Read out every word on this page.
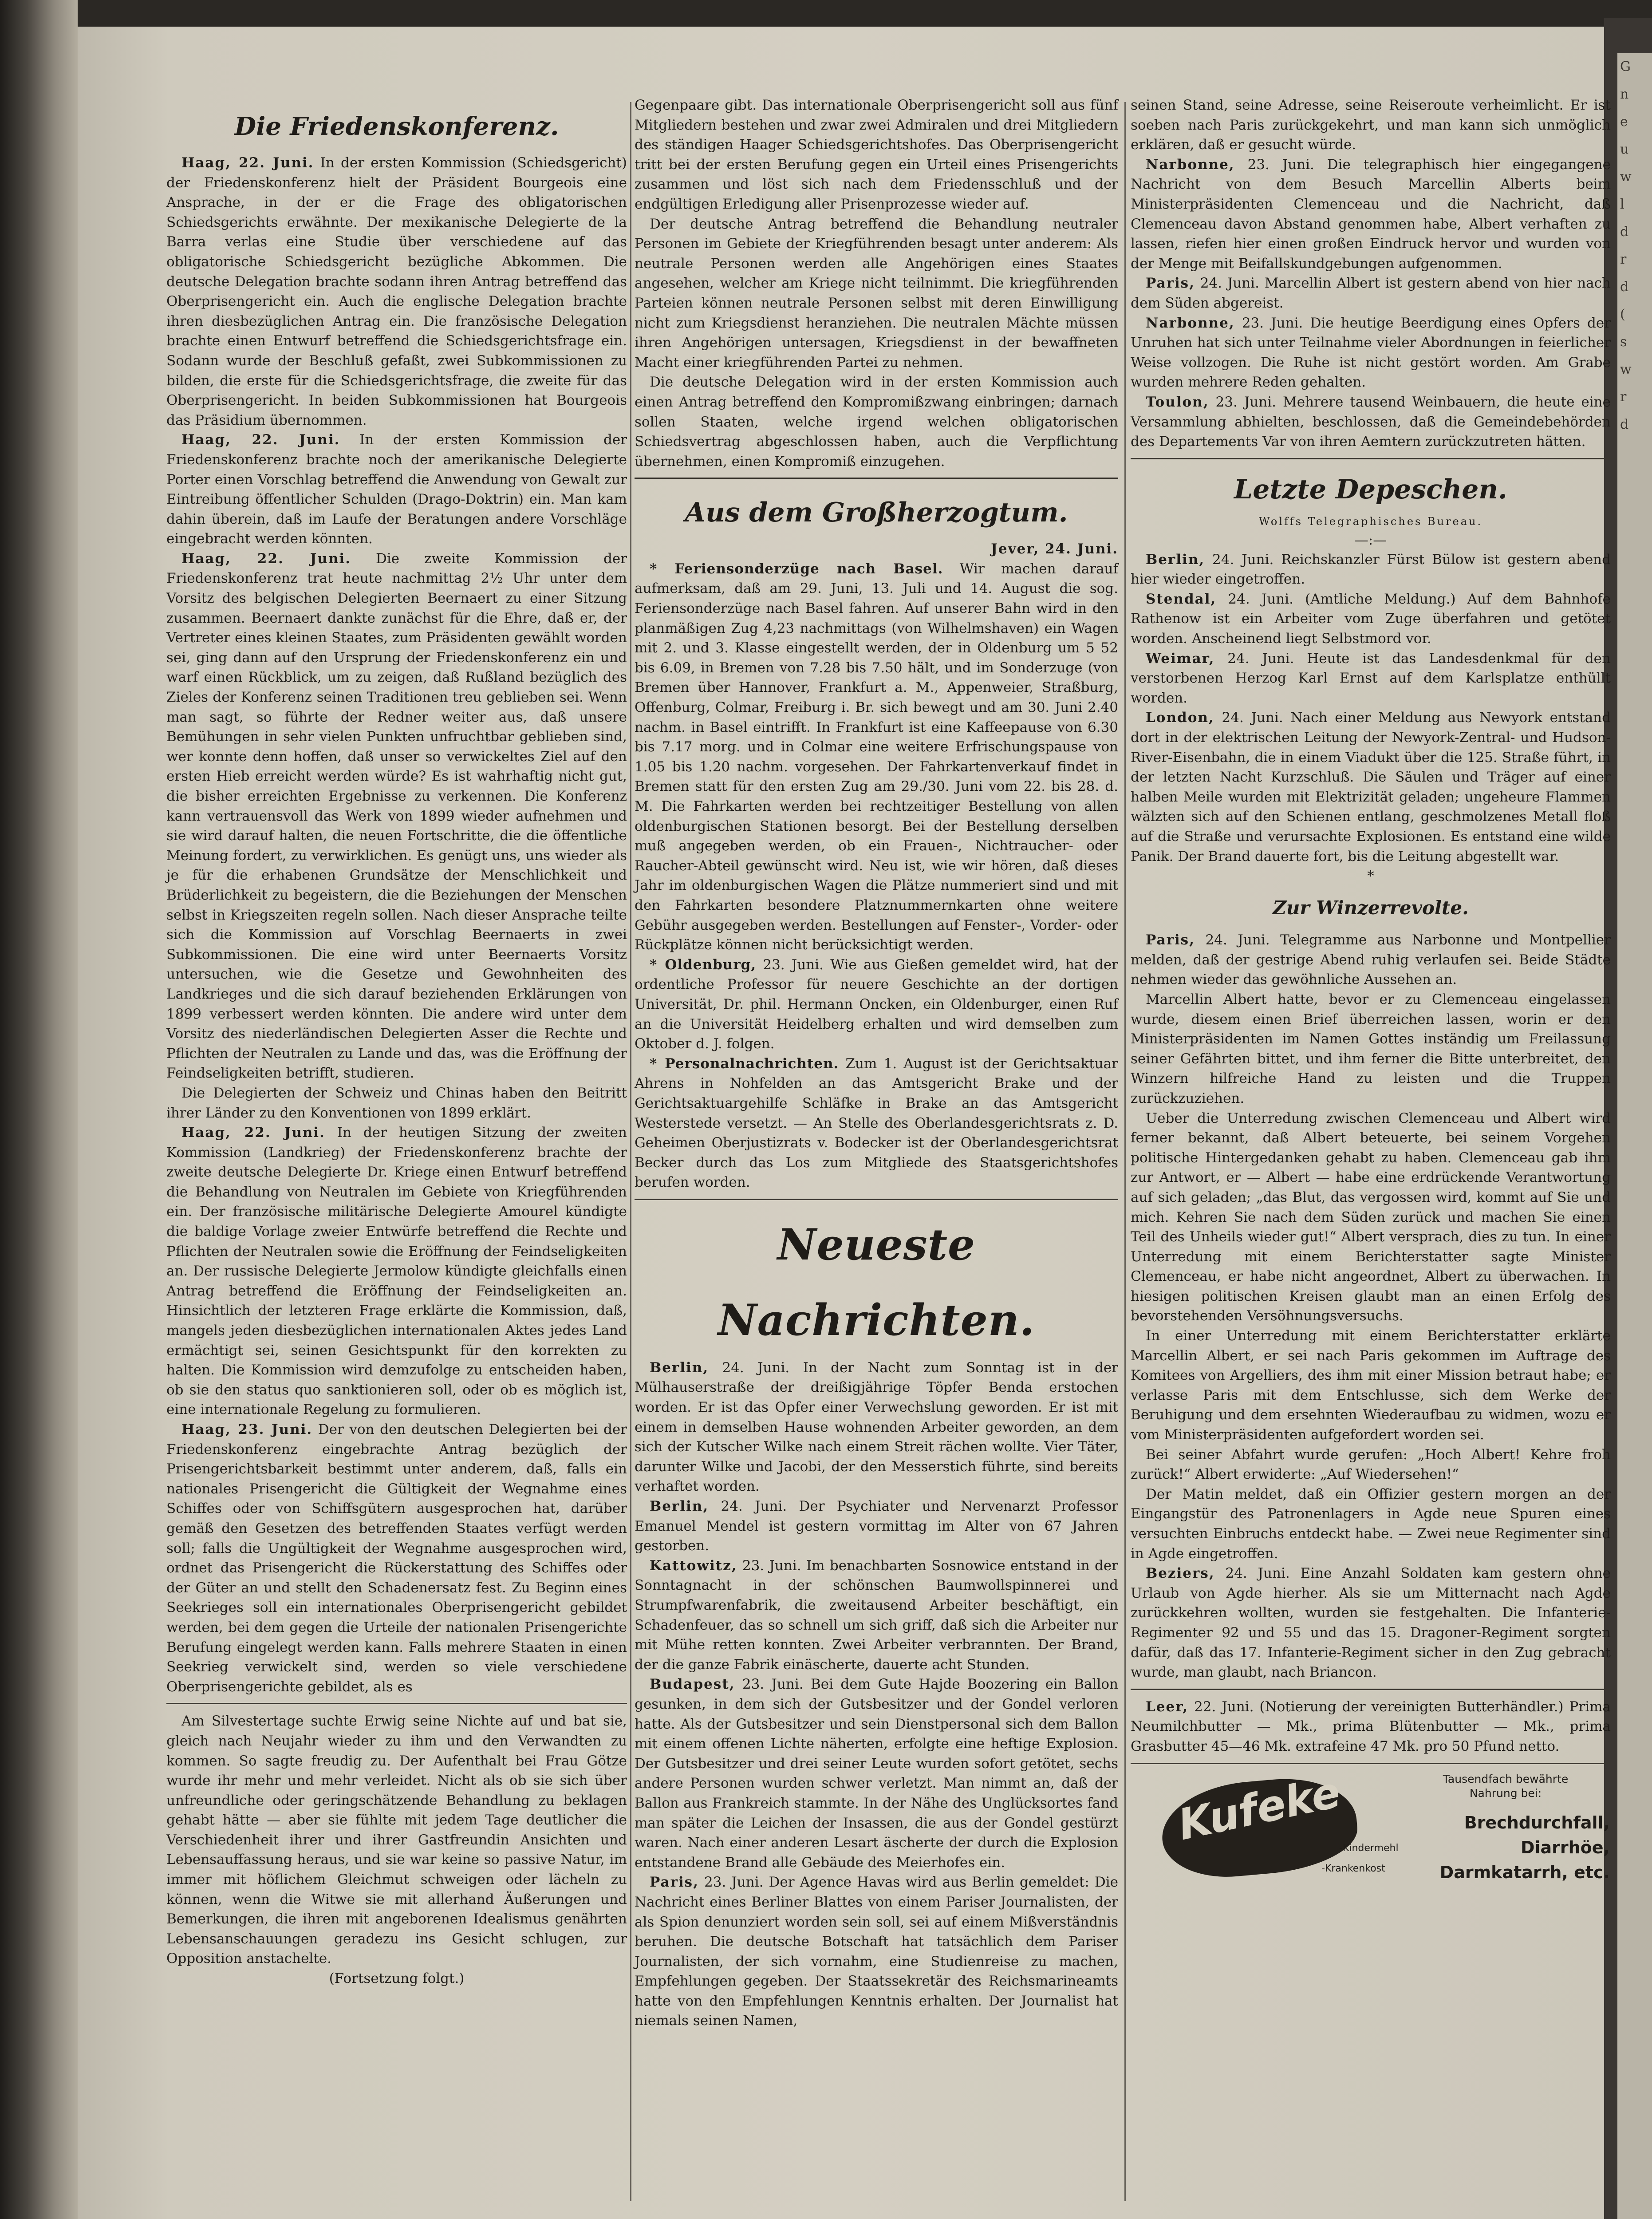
G
n
e
u
w
l
d
r
d
(
s
w
r
d
Die Friedenskonferenz.

Haag, 22. Juni. In der ersten Kommission (Schiedsgericht) der Friedenskonferenz hielt der Präsident Bourgeois eine Ansprache, in der er die Frage des obligatorischen Schiedsgerichts erwähnte. Der mexikanische Delegierte de la Barra verlas eine Studie über verschiedene auf das obligatorische Schiedsgericht bezügliche Abkommen. Die deutsche Delegation brachte sodann ihren Antrag betreffend das Oberprisengericht ein. Auch die englische Delegation brachte ihren diesbezüglichen Antrag ein. Die französische Delegation brachte einen Entwurf betreffend die Schiedsgerichtsfrage ein. Sodann wurde der Beschluß gefaßt, zwei Subkommissionen zu bilden, die erste für die Schiedsgerichtsfrage, die zweite für das Oberprisengericht. In beiden Subkommissionen hat Bourgeois das Präsidium übernommen.

Haag, 22. Juni. In der ersten Kommission der Friedenskonferenz brachte noch der amerikanische Delegierte Porter einen Vorschlag betreffend die Anwendung von Gewalt zur Eintreibung öffentlicher Schulden (Drago-Doktrin) ein. Man kam dahin überein, daß im Laufe der Beratungen andere Vorschläge eingebracht werden könnten.

Haag, 22. Juni. Die zweite Kommission der Friedenskonferenz trat heute nachmittag 2½ Uhr unter dem Vorsitz des belgischen Delegierten Beernaert zu einer Sitzung zusammen. Beernaert dankte zunächst für die Ehre, daß er, der Vertreter eines kleinen Staates, zum Präsidenten gewählt worden sei, ging dann auf den Ursprung der Friedenskonferenz ein und warf einen Rückblick, um zu zeigen, daß Rußland bezüglich des Zieles der Konferenz seinen Traditionen treu geblieben sei. Wenn man sagt, so führte der Redner weiter aus, daß unsere Bemühungen in sehr vielen Punkten unfruchtbar geblieben sind, wer konnte denn hoffen, daß unser so verwickeltes Ziel auf den ersten Hieb erreicht werden würde? Es ist wahrhaftig nicht gut, die bisher erreichten Ergebnisse zu verkennen. Die Konferenz kann vertrauensvoll das Werk von 1899 wieder aufnehmen und sie wird darauf halten, die neuen Fortschritte, die die öffentliche Meinung fordert, zu verwirklichen. Es genügt uns, uns wieder als je für die erhabenen Grundsätze der Menschlichkeit und Brüderlichkeit zu begeistern, die die Beziehungen der Menschen selbst in Kriegszeiten regeln sollen. Nach dieser Ansprache teilte sich die Kommission auf Vorschlag Beernaerts in zwei Subkommissionen. Die eine wird unter Beernaerts Vorsitz untersuchen, wie die Gesetze und Gewohnheiten des Landkrieges und die sich darauf beziehenden Erklärungen von 1899 verbessert werden könnten. Die andere wird unter dem Vorsitz des niederländischen Delegierten Asser die Rechte und Pflichten der Neutralen zu Lande und das, was die Eröffnung der Feindseligkeiten betrifft, studieren.

Die Delegierten der Schweiz und Chinas haben den Beitritt ihrer Länder zu den Konventionen von 1899 erklärt.

Haag, 22. Juni. In der heutigen Sitzung der zweiten Kommission (Landkrieg) der Friedenskonferenz brachte der zweite deutsche Delegierte Dr. Kriege einen Entwurf betreffend die Behandlung von Neutralen im Gebiete von Kriegführenden ein. Der französische militärische Delegierte Amourel kündigte die baldige Vorlage zweier Entwürfe betreffend die Rechte und Pflichten der Neutralen sowie die Eröffnung der Feindseligkeiten an. Der russische Delegierte Jermolow kündigte gleichfalls einen Antrag betreffend die Eröffnung der Feindseligkeiten an. Hinsichtlich der letzteren Frage erklärte die Kommission, daß, mangels jeden diesbezüglichen internationalen Aktes jedes Land ermächtigt sei, seinen Gesichtspunkt für den korrekten zu halten. Die Kommission wird demzufolge zu entscheiden haben, ob sie den status quo sanktionieren soll, oder ob es möglich ist, eine internationale Regelung zu formulieren.

Haag, 23. Juni. Der von den deutschen Delegierten bei der Friedenskonferenz eingebrachte Antrag bezüglich der Prisengerichtsbarkeit bestimmt unter anderem, daß, falls ein nationales Prisengericht die Gültigkeit der Wegnahme eines Schiffes oder von Schiffsgütern ausgesprochen hat, darüber gemäß den Gesetzen des betreffenden Staates verfügt werden soll; falls die Ungültigkeit der Wegnahme ausgesprochen wird, ordnet das Prisengericht die Rückerstattung des Schiffes oder der Güter an und stellt den Schadenersatz fest. Zu Beginn eines Seekrieges soll ein internationales Oberprisengericht gebildet werden, bei dem gegen die Urteile der nationalen Prisengerichte Berufung eingelegt werden kann. Falls mehrere Staaten in einen Seekrieg verwickelt sind, werden so viele verschiedene Oberprisengerichte gebildet, als es

Am Silvestertage suchte Erwig seine Nichte auf und bat sie, gleich nach Neujahr wieder zu ihm und den Verwandten zu kommen. So sagte freudig zu. Der Aufenthalt bei Frau Götze wurde ihr mehr und mehr verleidet. Nicht als ob sie sich über unfreundliche oder geringschätzende Behandlung zu beklagen gehabt hätte — aber sie fühlte mit jedem Tage deutlicher die Verschiedenheit ihrer und ihrer Gastfreundin Ansichten und Lebensauffassung heraus, und sie war keine so passive Natur, im immer mit höflichem Gleichmut schweigen oder lächeln zu können, wenn die Witwe sie mit allerhand Äußerungen und Bemerkungen, die ihren mit angeborenen Idealismus genährten Lebensanschauungen geradezu ins Gesicht schlugen, zur Opposition anstachelte.

(Fortsetzung folgt.)

Gegenpaare gibt. Das internationale Oberprisengericht soll aus fünf Mitgliedern bestehen und zwar zwei Admiralen und drei Mitgliedern des ständigen Haager Schiedsgerichtshofes. Das Oberprisengericht tritt bei der ersten Berufung gegen ein Urteil eines Prisengerichts zusammen und löst sich nach dem Friedensschluß und der endgültigen Erledigung aller Prisenprozesse wieder auf.

Der deutsche Antrag betreffend die Behandlung neutraler Personen im Gebiete der Kriegführenden besagt unter anderem: Als neutrale Personen werden alle Angehörigen eines Staates angesehen, welcher am Kriege nicht teilnimmt. Die kriegführenden Parteien können neutrale Personen selbst mit deren Einwilligung nicht zum Kriegsdienst heranziehen. Die neutralen Mächte müssen ihren Angehörigen untersagen, Kriegsdienst in der bewaffneten Macht einer kriegführenden Partei zu nehmen.

Die deutsche Delegation wird in der ersten Kommission auch einen Antrag betreffend den Kompromißzwang einbringen; darnach sollen Staaten, welche irgend welchen obligatorischen Schiedsvertrag abgeschlossen haben, auch die Verpflichtung übernehmen, einen Kompromiß einzugehen.

Aus dem Großherzogtum.
Jever, 24. Juni.

* Feriensonderzüge nach Basel. Wir machen darauf aufmerksam, daß am 29. Juni, 13. Juli und 14. August die sog. Feriensonderzüge nach Basel fahren. Auf unserer Bahn wird in den planmäßigen Zug 4,23 nachmittags (von Wilhelmshaven) ein Wagen mit 2. und 3. Klasse eingestellt werden, der in Oldenburg um 5 52 bis 6.09, in Bremen von 7.28 bis 7.50 hält, und im Sonderzuge (von Bremen über Hannover, Frankfurt a. M., Appenweier, Straßburg, Offenburg, Colmar, Freiburg i. Br. sich bewegt und am 30. Juni 2.40 nachm. in Basel eintrifft. In Frankfurt ist eine Kaffeepause von 6.30 bis 7.17 morg. und in Colmar eine weitere Erfrischungspause von 1.05 bis 1.20 nachm. vorgesehen. Der Fahrkartenverkauf findet in Bremen statt für den ersten Zug am 29./30. Juni vom 22. bis 28. d. M. Die Fahrkarten werden bei rechtzeitiger Bestellung von allen oldenburgischen Stationen besorgt. Bei der Bestellung derselben muß angegeben werden, ob ein Frauen-, Nichtraucher- oder Raucher-Abteil gewünscht wird. Neu ist, wie wir hören, daß dieses Jahr im oldenburgischen Wagen die Plätze nummeriert sind und mit den Fahrkarten besondere Platznummernkarten ohne weitere Gebühr ausgegeben werden. Bestellungen auf Fenster-, Vorder- oder Rückplätze können nicht berücksichtigt werden.

* Oldenburg, 23. Juni. Wie aus Gießen gemeldet wird, hat der ordentliche Professor für neuere Geschichte an der dortigen Universität, Dr. phil. Hermann Oncken, ein Oldenburger, einen Ruf an die Universität Heidelberg erhalten und wird demselben zum Oktober d. J. folgen.

* Personalnachrichten. Zum 1. August ist der Gerichtsaktuar Ahrens in Nohfelden an das Amtsgericht Brake und der Gerichtsaktuargehilfe Schläfke in Brake an das Amtsgericht Westerstede versetzt. — An Stelle des Oberlandesgerichtsrats z. D. Geheimen Oberjustizrats v. Bodecker ist der Oberlandesgerichtsrat Becker durch das Los zum Mitgliede des Staatsgerichtshofes berufen worden.

Neueste Nachrichten.

Berlin, 24. Juni. In der Nacht zum Sonntag ist in der Mülhauserstraße der dreißigjährige Töpfer Benda erstochen worden. Er ist das Opfer einer Verwechslung geworden. Er ist mit einem in demselben Hause wohnenden Arbeiter geworden, an dem sich der Kutscher Wilke nach einem Streit rächen wollte. Vier Täter, darunter Wilke und Jacobi, der den Messerstich führte, sind bereits verhaftet worden.

Berlin, 24. Juni. Der Psychiater und Nervenarzt Professor Emanuel Mendel ist gestern vormittag im Alter von 67 Jahren gestorben.

Kattowitz, 23. Juni. Im benachbarten Sosnowice entstand in der Sonntagnacht in der schönschen Baumwollspinnerei und Strumpfwarenfabrik, die zweitausend Arbeiter beschäftigt, ein Schadenfeuer, das so schnell um sich griff, daß sich die Arbeiter nur mit Mühe retten konnten. Zwei Arbeiter verbrannten. Der Brand, der die ganze Fabrik einäscherte, dauerte acht Stunden.

Budapest, 23. Juni. Bei dem Gute Hajde Boozering ein Ballon gesunken, in dem sich der Gutsbesitzer und der Gondel verloren hatte. Als der Gutsbesitzer und sein Dienstpersonal sich dem Ballon mit einem offenen Lichte näherten, erfolgte eine heftige Explosion. Der Gutsbesitzer und drei seiner Leute wurden sofort getötet, sechs andere Personen wurden schwer verletzt. Man nimmt an, daß der Ballon aus Frankreich stammte. In der Nähe des Unglücksortes fand man später die Leichen der Insassen, die aus der Gondel gestürzt waren. Nach einer anderen Lesart äscherte der durch die Explosion entstandene Brand alle Gebäude des Meierhofes ein.

Paris, 23. Juni. Der Agence Havas wird aus Berlin gemeldet: Die Nachricht eines Berliner Blattes von einem Pariser Journalisten, der als Spion denunziert worden sein soll, sei auf einem Mißverständnis beruhen. Die deutsche Botschaft hat tatsächlich dem Pariser Journalisten, der sich vornahm, eine Studienreise zu machen, Empfehlungen gegeben. Der Staatssekretär des Reichsmarineamts hatte von den Empfehlungen Kenntnis erhalten. Der Journalist hat niemals seinen Namen,

seinen Stand, seine Adresse, seine Reiseroute verheimlicht. Er ist soeben nach Paris zurückgekehrt, und man kann sich unmöglich erklären, daß er gesucht würde.

Narbonne, 23. Juni. Die telegraphisch hier eingegangene Nachricht von dem Besuch Marcellin Alberts beim Ministerpräsidenten Clemenceau und die Nachricht, daß Clemenceau davon Abstand genommen habe, Albert verhaften zu lassen, riefen hier einen großen Eindruck hervor und wurden von der Menge mit Beifallskundgebungen aufgenommen.

Paris, 24. Juni. Marcellin Albert ist gestern abend von hier nach dem Süden abgereist.

Narbonne, 23. Juni. Die heutige Beerdigung eines Opfers der Unruhen hat sich unter Teilnahme vieler Abordnungen in feierlicher Weise vollzogen. Die Ruhe ist nicht gestört worden. Am Grabe wurden mehrere Reden gehalten.

Toulon, 23. Juni. Mehrere tausend Weinbauern, die heute eine Versammlung abhielten, beschlossen, daß die Gemeindebehörden des Departements Var von ihren Aemtern zurückzutreten hätten.

Letzte Depeschen.
Wolffs Telegraphisches Bureau.
—:—

Berlin, 24. Juni. Reichskanzler Fürst Bülow ist gestern abend hier wieder eingetroffen.

Stendal, 24. Juni. (Amtliche Meldung.) Auf dem Bahnhofe Rathenow ist ein Arbeiter vom Zuge überfahren und getötet worden. Anscheinend liegt Selbstmord vor.

Weimar, 24. Juni. Heute ist das Landesdenkmal für den verstorbenen Herzog Karl Ernst auf dem Karlsplatze enthüllt worden.

London, 24. Juni. Nach einer Meldung aus Newyork entstand dort in der elektrischen Leitung der Newyork-Zentral- und Hudson-River-Eisenbahn, die in einem Viadukt über die 125. Straße führt, in der letzten Nacht Kurzschluß. Die Säulen und Träger auf einer halben Meile wurden mit Elektrizität geladen; ungeheure Flammen wälzten sich auf den Schienen entlang, geschmolzenes Metall floß auf die Straße und verursachte Explosionen. Es entstand eine wilde Panik. Der Brand dauerte fort, bis die Leitung abgestellt war.

*
Zur Winzerrevolte.

Paris, 24. Juni. Telegramme aus Narbonne und Montpellier melden, daß der gestrige Abend ruhig verlaufen sei. Beide Städte nehmen wieder das gewöhnliche Aussehen an.

Marcellin Albert hatte, bevor er zu Clemenceau eingelassen wurde, diesem einen Brief überreichen lassen, worin er den Ministerpräsidenten im Namen Gottes inständig um Freilassung seiner Gefährten bittet, und ihm ferner die Bitte unterbreitet, den Winzern hilfreiche Hand zu leisten und die Truppen zurückzuziehen.

Ueber die Unterredung zwischen Clemenceau und Albert wird ferner bekannt, daß Albert beteuerte, bei seinem Vorgehen politische Hintergedanken gehabt zu haben. Clemenceau gab ihm zur Antwort, er — Albert — habe eine erdrückende Verantwortung auf sich geladen; „das Blut, das vergossen wird, kommt auf Sie und mich. Kehren Sie nach dem Süden zurück und machen Sie einen Teil des Unheils wieder gut!“ Albert versprach, dies zu tun. In einer Unterredung mit einem Berichterstatter sagte Minister Clemenceau, er habe nicht angeordnet, Albert zu überwachen. In hiesigen politischen Kreisen glaubt man an einen Erfolg des bevorstehenden Versöhnungsversuchs.

In einer Unterredung mit einem Berichterstatter erklärte Marcellin Albert, er sei nach Paris gekommen im Auftrage des Komitees von Argelliers, des ihm mit einer Mission betraut habe; er verlasse Paris mit dem Entschlusse, sich dem Werke der Beruhigung und dem ersehnten Wiederaufbau zu widmen, wozu er vom Ministerpräsidenten aufgefordert worden sei.

Bei seiner Abfahrt wurde gerufen: „Hoch Albert! Kehre froh zurück!“ Albert erwiderte: „Auf Wiedersehen!“

Der Matin meldet, daß ein Offizier gestern morgen an der Eingangstür des Patronenlagers in Agde neue Spuren eines versuchten Einbruchs entdeckt habe. — Zwei neue Regimenter sind in Agde eingetroffen.

Beziers, 24. Juni. Eine Anzahl Soldaten kam gestern ohne Urlaub von Agde hierher. Als sie um Mitternacht nach Agde zurückkehren wollten, wurden sie festgehalten. Die Infanterie-Regimenter 92 und 55 und das 15. Dragoner-Regiment sorgten dafür, daß das 17. Infanterie-Regiment sicher in den Zug gebracht wurde, man glaubt, nach Briancon.

Leer, 22. Juni. (Notierung der vereinigten Butterhändler.) Prima Neumilchbutter — Mk., prima Blütenbutter — Mk., prima Grasbutter 45—46 Mk. extrafeine 47 Mk. pro 50 Pfund netto.

Kufeke
-Kindermehl
-Krankenkost
Tausendfach bewährte
Nahrung bei:
Brechdurchfall,
Diarrhöe,
Darmkatarrh, etc.
